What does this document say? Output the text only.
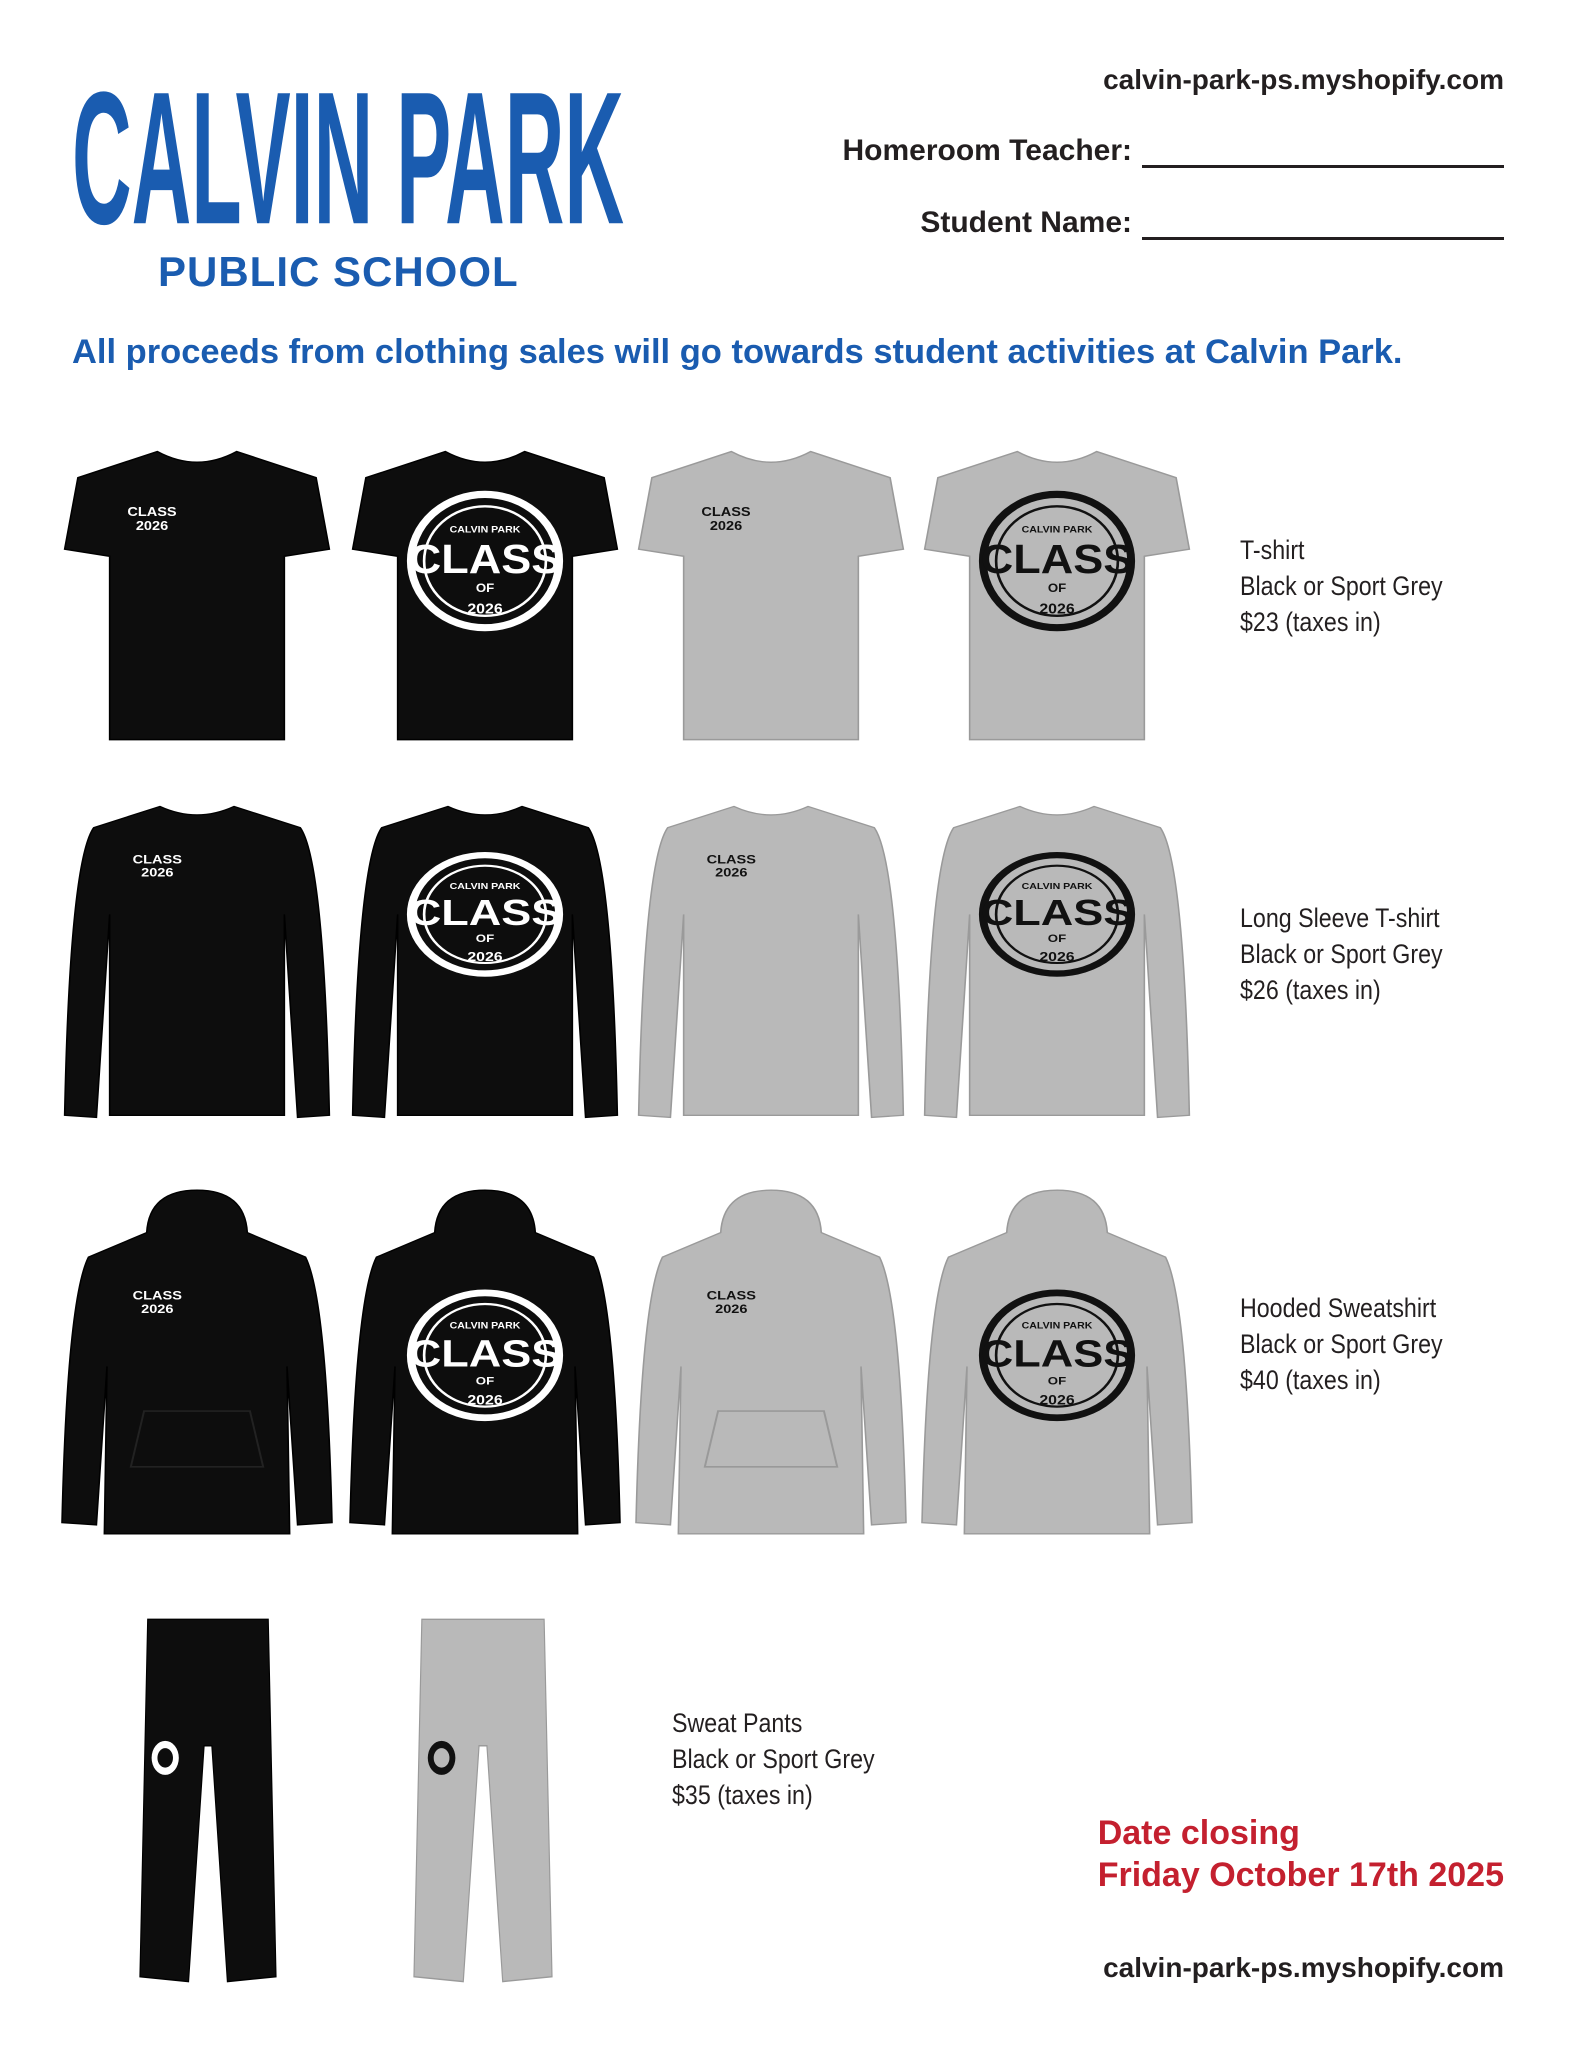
CALVIN PARK
PUBLIC SCHOOL
calvin-park-ps.myshopify.com
Homeroom Teacher:
Student Name:
All proceeds from clothing sales will go towards student activities at Calvin Park.
CLASS
2026	CALVIN PARK
CLASS
OF
2026
CLASS
2026	CALVIN PARK
CLASS
OF
2026
CLASS
2026
CALVIN PARK
CLASS
OF
2026
CLASS
2026
CALVIN PARK
CLASS
OF
2026
CLASS
2026
CALVIN PARK
CLASS
OF
2026
CLASS
2026
CALVIN PARK
CLASS
OF
2026
T-shirt
Black or Sport Grey
$23 (taxes in)
Long Sleeve T-shirt
Black or Sport Grey
$26 (taxes in)
Hooded Sweatshirt
Black or Sport Grey
$40 (taxes in)
Sweat Pants
Black or Sport Grey
$35 (taxes in)
Date closing
Friday October 17th 2025
calvin-park-ps.myshopify.com
